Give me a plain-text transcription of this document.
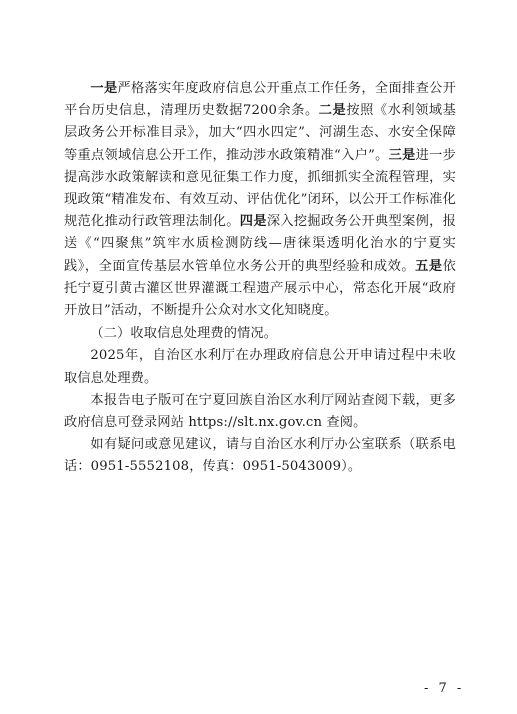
一是严格落实年度政府信息公开重点工作任务，全面排查公开平台历史信息，清理历史数据7200余条。二是按照《水利领域基层政务公开标准目录》，加大“四水四定”、河湖生态、水安全保障等重点领域信息公开工作，推动涉水政策精准“入户”。三是进一步提高涉水政策解读和意见征集工作力度，抓细抓实全流程管理，实现政策“精准发布、有效互动、评估优化”闭环，以公开工作标准化规范化推动行政管理法制化。四是深入挖掘政务公开典型案例，报送《“四聚焦”筑牢水质检测防线—唐徕渠透明化治水的宁夏实践》，全面宣传基层水管单位水务公开的典型经验和成效。五是依托宁夏引黄古灌区世界灌溉工程遗产展示中心，常态化开展“政府开放日”活动，不断提升公众对水文化知晓度。

（二）收取信息处理费的情况。

2025年，自治区水利厅在办理政府信息公开申请过程中未收取信息处理费。

本报告电子版可在宁夏回族自治区水利厅网站查阅下载，更多政府信息可登录网站 https://slt.nx.gov.cn 查阅。

如有疑问或意见建议，请与自治区水利厅办公室联系（联系电话：0951-5552108，传真：0951-5043009）。

- 7 -
